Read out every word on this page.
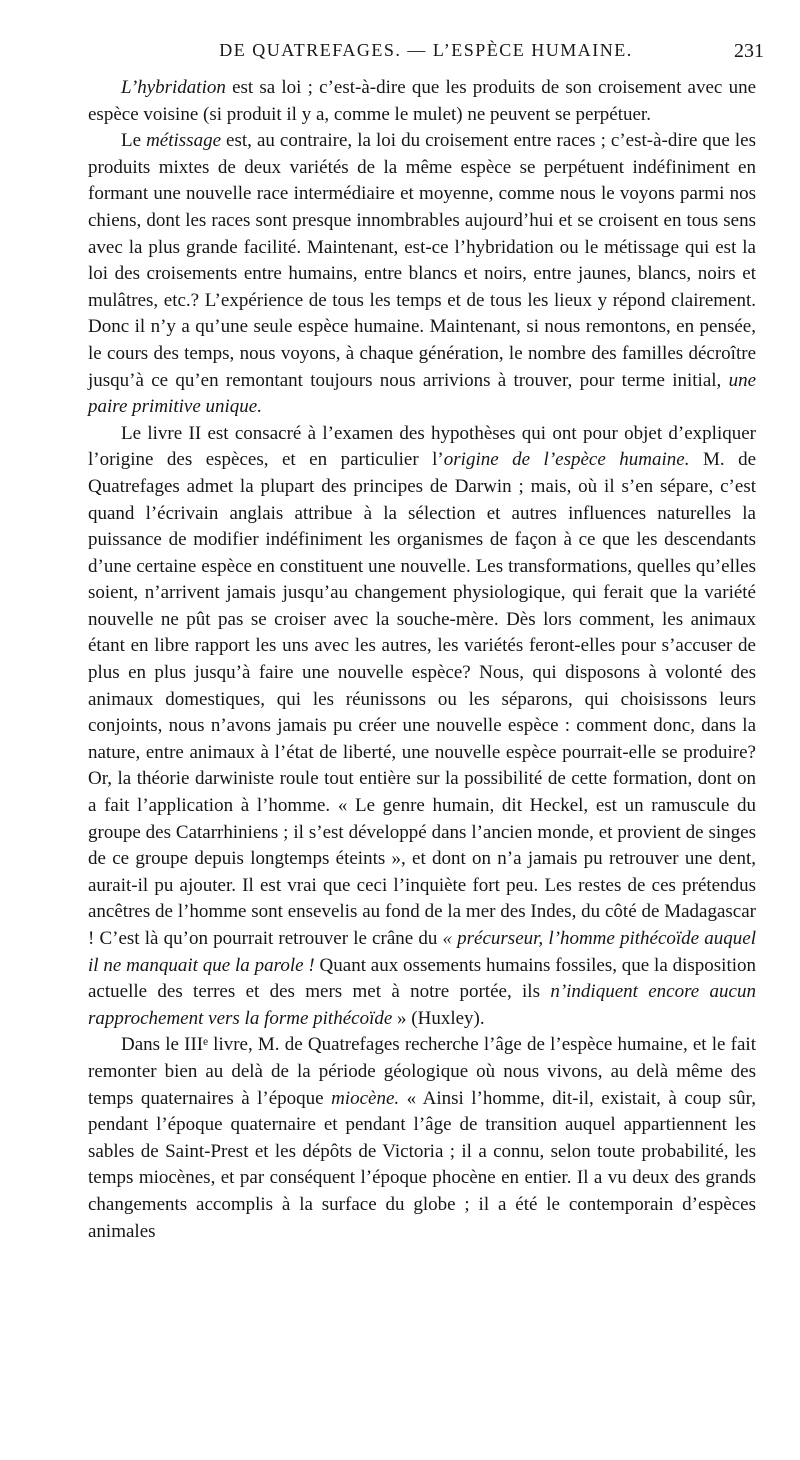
DE QUATREFAGES. — L’ESPÈCE HUMAINE.	231

L’hybridation est sa loi ; c’est-à-dire que les produits de son croisement avec une espèce voisine (si produit il y a, comme le mulet) ne peuvent se perpétuer.

Le métissage est, au contraire, la loi du croisement entre races ; c’est-à-dire que les produits mixtes de deux variétés de la même espèce se perpétuent indéfiniment en formant une nouvelle race intermédiaire et moyenne, comme nous le voyons parmi nos chiens, dont les races sont presque innombrables aujourd’hui et se croisent en tous sens avec la plus grande facilité. Maintenant, est-ce l’hybridation ou le métissage qui est la loi des croisements entre humains, entre blancs et noirs, entre jaunes, blancs, noirs et mulâtres, etc.? L’expérience de tous les temps et de tous les lieux y répond clairement. Donc il n’y a qu’une seule espèce humaine. Maintenant, si nous remontons, en pensée, le cours des temps, nous voyons, à chaque génération, le nombre des familles décroître jusqu’à ce qu’en remontant toujours nous arrivions à trouver, pour terme initial, une paire primitive unique.

Le livre II est consacré à l’examen des hypothèses qui ont pour objet d’expliquer l’origine des espèces, et en particulier l’origine de l’espèce humaine. M. de Quatrefages admet la plupart des principes de Darwin ; mais, où il s’en sépare, c’est quand l’écrivain anglais attribue à la sélection et autres influences naturelles la puissance de modifier indéfiniment les organismes de façon à ce que les descendants d’une certaine espèce en constituent une nouvelle. Les transformations, quelles qu’elles soient, n’arrivent jamais jusqu’au changement physiologique, qui ferait que la variété nouvelle ne pût pas se croiser avec la souche-mère. Dès lors comment, les animaux étant en libre rapport les uns avec les autres, les variétés feront-elles pour s’accuser de plus en plus jusqu’à faire une nouvelle espèce? Nous, qui disposons à volonté des animaux domestiques, qui les réunissons ou les séparons, qui choisissons leurs conjoints, nous n’avons jamais pu créer une nouvelle espèce : comment donc, dans la nature, entre animaux à l’état de liberté, une nouvelle espèce pourrait-elle se produire? Or, la théorie darwiniste roule tout entière sur la possibilité de cette formation, dont on a fait l’application à l’homme. « Le genre humain, dit Heckel, est un ramuscule du groupe des Catarrhiniens ; il s’est développé dans l’ancien monde, et provient de singes de ce groupe depuis longtemps éteints », et dont on n’a jamais pu retrouver une dent, aurait-il pu ajouter. Il est vrai que ceci l’inquiète fort peu. Les restes de ces prétendus ancêtres de l’homme sont ensevelis au fond de la mer des Indes, du côté de Madagascar ! C’est là qu’on pourrait retrouver le crâne du « précurseur, l’homme pithécoïde auquel il ne manquait que la parole ! Quant aux ossements humains fossiles, que la disposition actuelle des terres et des mers met à notre portée, ils n’indiquent encore aucun rapprochement vers la forme pithécoïde » (Huxley).

Dans le IIIᵉ livre, M. de Quatrefages recherche l’âge de l’espèce humaine, et le fait remonter bien au delà de la période géologique où nous vivons, au delà même des temps quaternaires à l’époque miocène. « Ainsi l’homme, dit-il, existait, à coup sûr, pendant l’époque quaternaire et pendant l’âge de transition auquel appartiennent les sables de Saint-Prest et les dépôts de Victoria ; il a connu, selon toute probabilité, les temps miocènes, et par conséquent l’époque phocène en entier. Il a vu deux des grands changements accomplis à la surface du globe ; il a été le contemporain d’espèces animales
